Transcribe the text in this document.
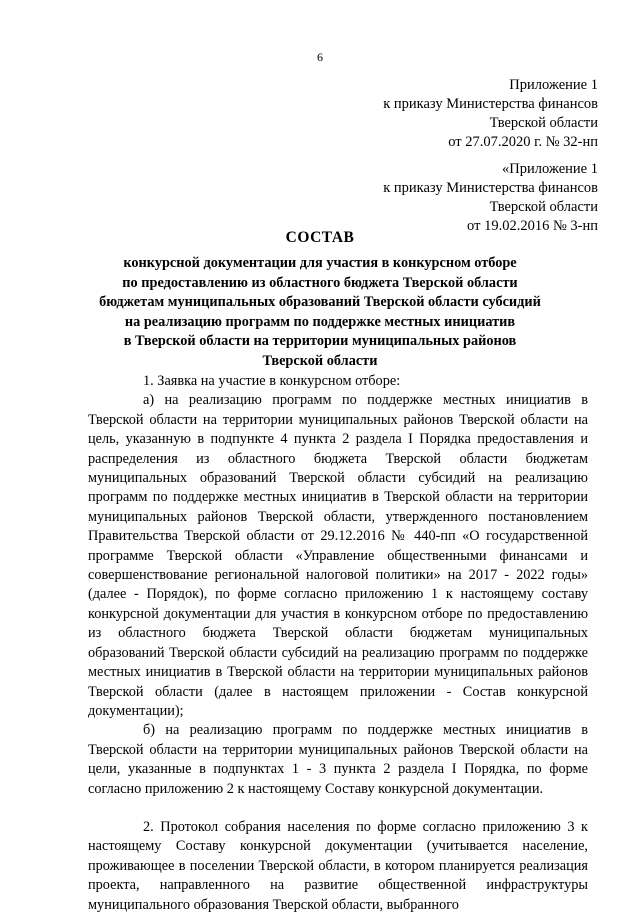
6
Приложение 1
к приказу Министерства финансов
Тверской области
от 27.07.2020 г. № 32-нп
«Приложение 1
к приказу Министерства финансов
Тверской области
от 19.02.2016 № 3-нп
СОСТАВ
конкурсной документации для участия в конкурсном отборе
по предоставлению из областного бюджета Тверской области
бюджетам муниципальных образований Тверской области субсидий
на реализацию программ по поддержке местных инициатив
в Тверской области на территории муниципальных районов
Тверской области

1. Заявка на участие в конкурсном отборе:

а) на реализацию программ по поддержке местных инициатив в Тверской области на территории муниципальных районов Тверской области на цель, указанную в подпункте 4 пункта 2 раздела I Порядка предоставления и распределения из областного бюджета Тверской области бюджетам муниципальных образований Тверской области субсидий на реализацию программ по поддержке местных инициатив в Тверской области на территории муниципальных районов Тверской области, утвержденного постановлением Правительства Тверской области от 29.12.2016 № 440-пп «О государственной программе Тверской области «Управление общественными финансами и совершенствование региональной налоговой политики» на 2017 - 2022 годы» (далее - Порядок), по форме согласно приложению 1 к настоящему составу конкурсной документации для участия в конкурсном отборе по предоставлению из областного бюджета Тверской области бюджетам муниципальных образований Тверской области субсидий на реализацию программ по поддержке местных инициатив в Тверской области на территории муниципальных районов Тверской области (далее в настоящем приложении - Состав конкурсной документации);

б) на реализацию программ по поддержке местных инициатив в Тверской области на территории муниципальных районов Тверской области на цели, указанные в подпунктах 1 - 3 пункта 2 раздела I Порядка, по форме согласно приложению 2 к настоящему Составу конкурсной документации.

2. Протокол собрания населения по форме согласно приложению 3 к настоящему Составу конкурсной документации (учитывается население, проживающее в поселении Тверской области, в котором планируется реализация проекта, направленного на развитие общественной инфраструктуры муниципального образования Тверской области, выбранного
